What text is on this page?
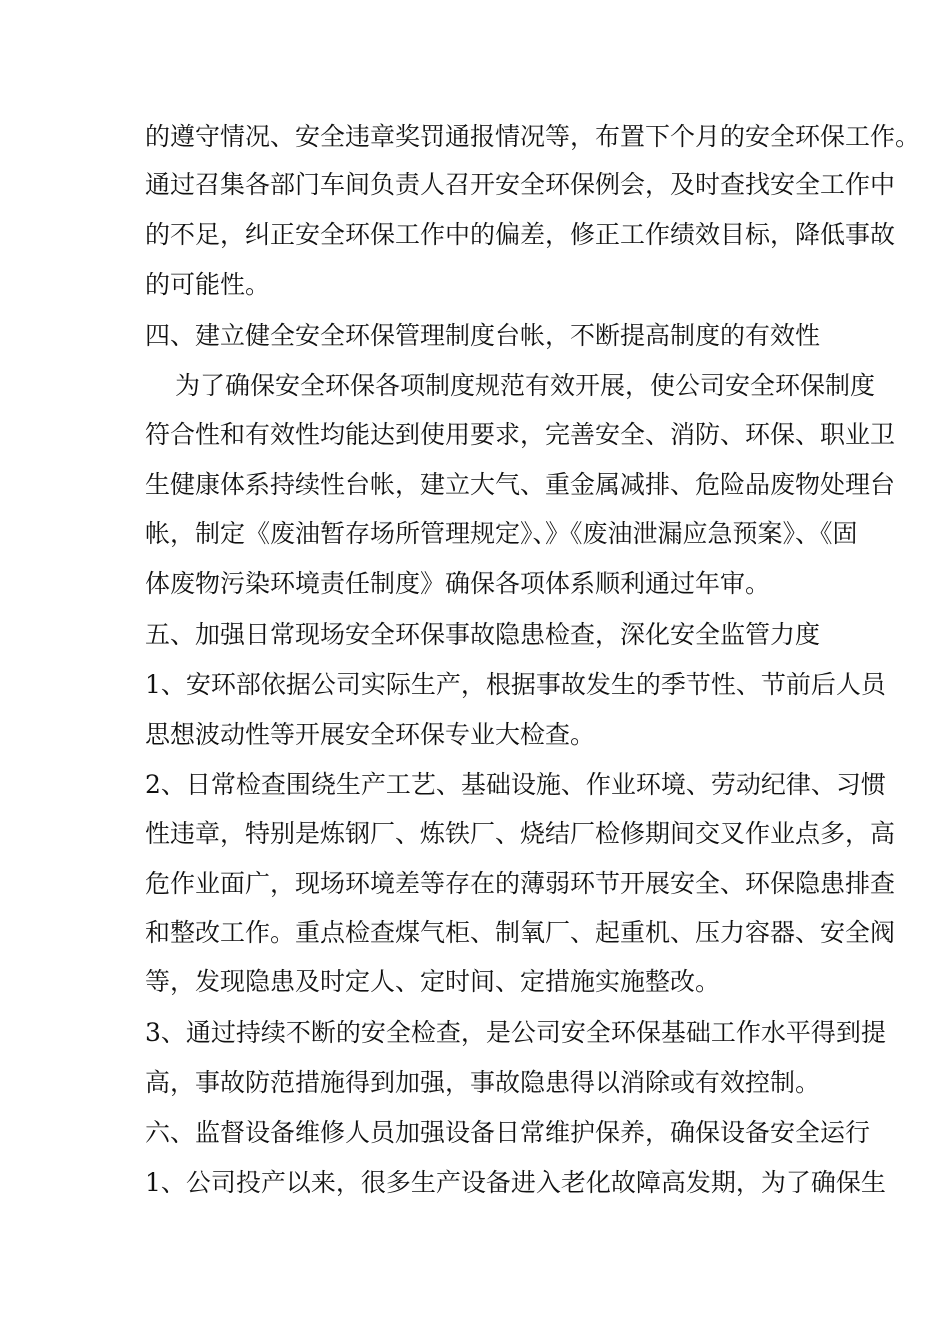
的遵守情况、安全违章奖罚通报情况等，布置下个月的安全环保工作。
通过召集各部门车间负责人召开安全环保例会，及时查找安全工作中
的不足，纠正安全环保工作中的偏差，修正工作绩效目标，降低事故
的可能性。
四、建立健全安全环保管理制度台帐，不断提高制度的有效性
为了确保安全环保各项制度规范有效开展，使公司安全环保制度
符合性和有效性均能达到使用要求，完善安全、消防、环保、职业卫
生健康体系持续性台帐，建立大气、重金属减排、危险品废物处理台
帐，制定《废油暂存场所管理规定》、》《废油泄漏应急预案》、《固
体废物污染环境责任制度》确保各项体系顺利通过年审。
五、加强日常现场安全环保事故隐患检查，深化安全监管力度
1、安环部依据公司实际生产，根据事故发生的季节性、节前后人员
思想波动性等开展安全环保专业大检查。
2、日常检查围绕生产工艺、基础设施、作业环境、劳动纪律、习惯
性违章，特别是炼钢厂、炼铁厂、烧结厂检修期间交叉作业点多，高
危作业面广，现场环境差等存在的薄弱环节开展安全、环保隐患排查
和整改工作。重点检查煤气柜、制氧厂、起重机、压力容器、安全阀
等，发现隐患及时定人、定时间、定措施实施整改。
3、通过持续不断的安全检查，是公司安全环保基础工作水平得到提
高，事故防范措施得到加强，事故隐患得以消除或有效控制。
六、监督设备维修人员加强设备日常维护保养，确保设备安全运行
1、公司投产以来，很多生产设备进入老化故障高发期，为了确保生
